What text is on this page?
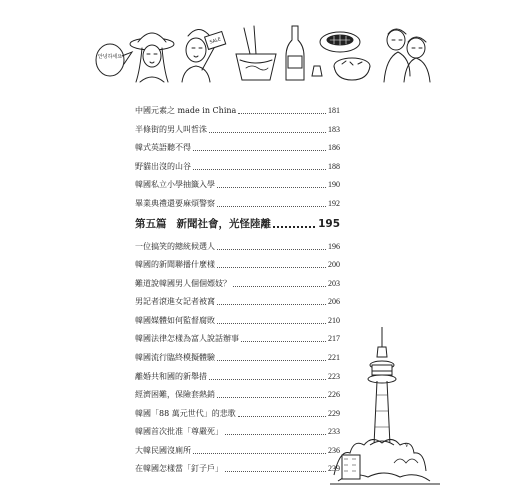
안녕하세요
SALE
中國元素之 made in China	181
半條街的男人叫哲洙	183
韓式英語聽不得	186
野貓出沒的山谷	188
韓國私立小學抽籤入學	190
畢業典禮還要麻煩警察	192
第五篇 新聞社會，光怪陸離	195
一位搞笑的總統候選人	196
韓國的新聞聯播什麼樣	200
難道說韓國男人個個嫖妓？	203
男記者滾進女記者被窩	206
韓國媒體如何監督腐敗	210
韓國法律怎樣為富人說話辦事	217
韓國流行臨終模擬體驗	221
離婚共和國的新舉措	223
經濟困難，保險套熱銷	226
韓國「88 萬元世代」的悲歌	229
韓國首次批准「尊嚴死」	233
大韓民國沒廁所	236
在韓國怎樣當「釘子戶」	239
v
